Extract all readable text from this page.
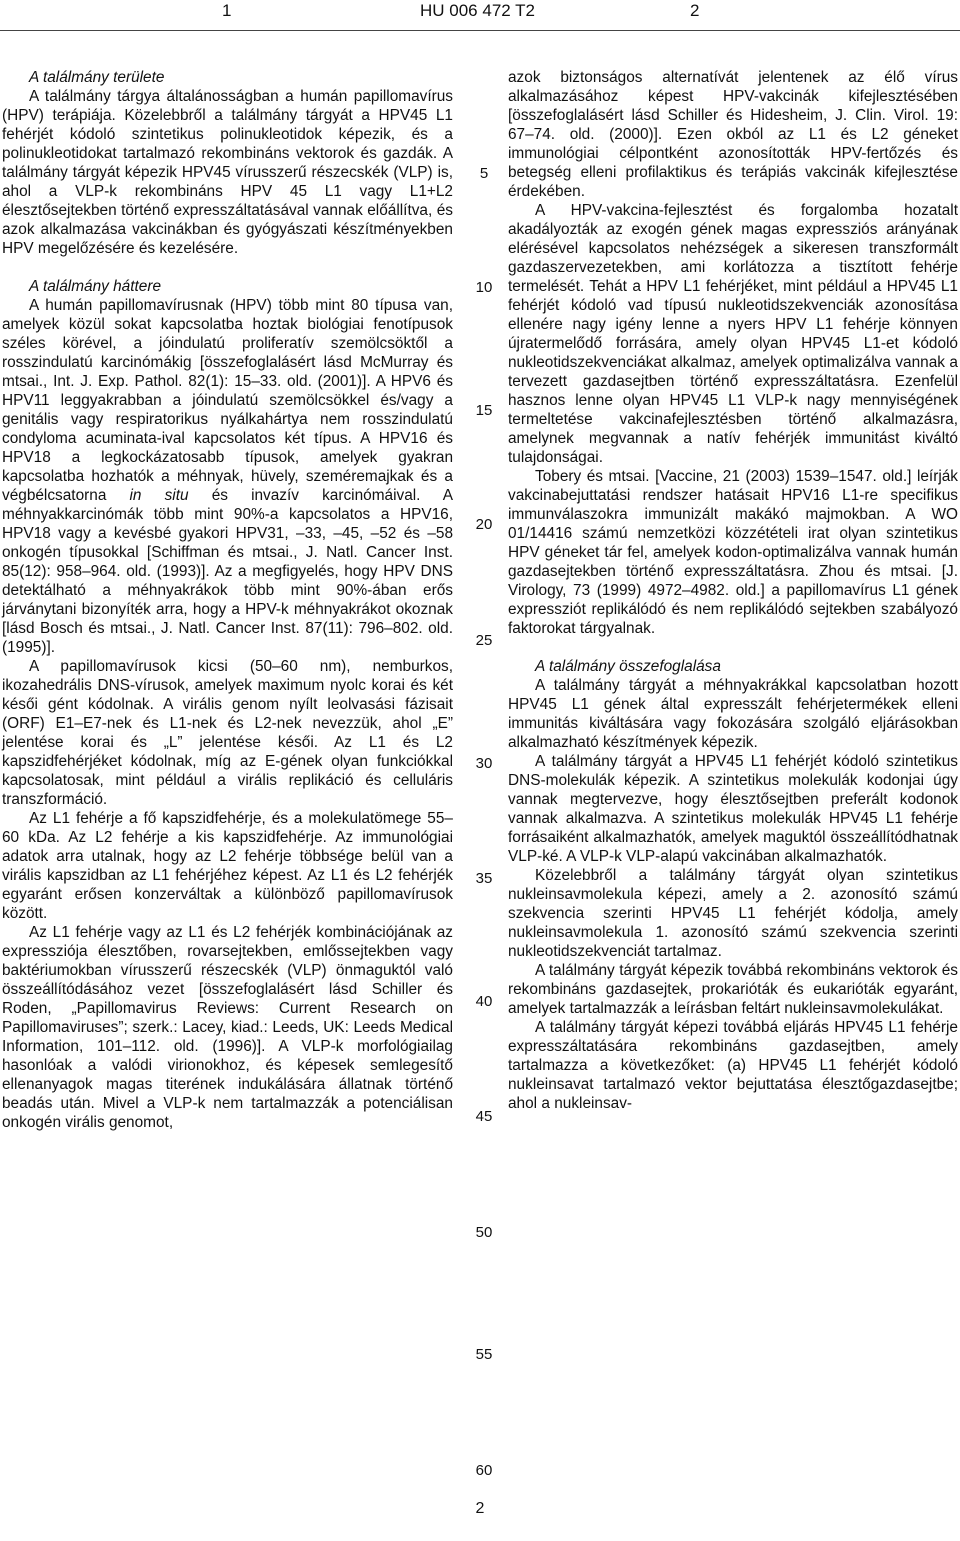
1	HU 006 472 T2	2

A találmány területe

A találmány tárgya általánosságban a humán papillomavírus (HPV) terápiája. Közelebbről a találmány tárgyát a HPV45 L1 fehérjét kódoló szintetikus polinukleotidok képezik, és a polinukleotidokat tartalmazó rekombináns vektorok és gazdák. A találmány tárgyát képezik HPV45 vírusszerű részecskék (VLP) is, ahol a VLP-k rekombináns HPV 45 L1 vagy L1+L2 élesztősejtekben történő expresszáltatásával vannak előállítva, és azok alkalmazása vakcinákban és gyógyászati készítményekben HPV megelőzésére és kezelésére.

A találmány háttere

A humán papillomavírusnak (HPV) több mint 80 típusa van, amelyek közül sokat kapcsolatba hoztak biológiai fenotípusok széles körével, a jóindulatú proliferatív szemölcsöktől a rosszindulatú karcinómákig [összefoglalásért lásd McMurray és mtsai., Int. J. Exp. Pathol. 82(1): 15–33. old. (2001)]. A HPV6 és HPV11 leggyakrabban a jóindulatú szemölcsökkel és/vagy a genitális vagy respiratorikus nyálkahártya nem rosszindulatú condyloma acuminata-ival kapcsolatos két típus. A HPV16 és HPV18 a legkockázatosabb típusok, amelyek gyakran kapcsolatba hozhatók a méhnyak, hüvely, szeméremajkak és a végbélcsatorna in situ és invazív karcinómáival. A méhnyakkarcinómák több mint 90%-a kapcsolatos a HPV16, HPV18 vagy a kevésbé gyakori HPV31, –33, –45, –52 és –58 onkogén típusokkal [Schiffman és mtsai., J. Natl. Cancer Inst. 85(12): 958–964. old. (1993)]. Az a megfigyelés, hogy HPV DNS detektálható a méhnyakrákok több mint 90%-ában erős járványtani bizonyíték arra, hogy a HPV-k méhnyakrákot okoznak [lásd Bosch és mtsai., J. Natl. Cancer Inst. 87(11): 796–802. old. (1995)].

A papillomavírusok kicsi (50–60 nm), nemburkos, ikozahedrális DNS-vírusok, amelyek maximum nyolc korai és két késői gént kódolnak. A virális genom nyílt leolvasási fázisait (ORF) E1–E7-nek és L1-nek és L2-nek nevezzük, ahol „E” jelentése korai és „L” jelentése késői. Az L1 és L2 kapszidfehérjéket kódolnak, míg az E-gének olyan funkciókkal kapcsolatosak, mint például a virális replikáció és celluláris transzformáció.

Az L1 fehérje a fő kapszidfehérje, és a molekulatömege 55–60 kDa. Az L2 fehérje a kis kapszidfehérje. Az immunológiai adatok arra utalnak, hogy az L2 fehérje többsége belül van a virális kapszidban az L1 fehérjéhez képest. Az L1 és L2 fehérjék egyaránt erősen konzerváltak a különböző papillomavírusok között.

Az L1 fehérje vagy az L1 és L2 fehérjék kombinációjának az expressziója élesztőben, rovarsejtekben, emlőssejtekben vagy baktériumokban vírusszerű részecskék (VLP) önmaguktól való összeállítódásához vezet [összefoglalásért lásd Schiller és Roden, „Papillomavirus Reviews: Current Research on Papillomaviruses”; szerk.: Lacey, kiad.: Leeds, UK: Leeds Medical Information, 101–112. old. (1996)]. A VLP-k morfológiailag hasonlóak a valódi virionokhoz, és képesek semlegesítő ellenanyagok magas titerének indukálására állatnak történő beadás után. Mivel a VLP-k nem tartalmazzák a potenciálisan onkogén virális genomot,

azok biztonságos alternatívát jelentenek az élő vírus alkalmazásához képest HPV-vakcinák kifejlesztésében [összefoglalásért lásd Schiller és Hidesheim, J. Clin. Virol. 19: 67–74. old. (2000)]. Ezen okból az L1 és L2 géneket immunológiai célpontként azonosították HPV-fertőzés és betegség elleni profilaktikus és terápiás vakcinák kifejlesztése érdekében.

A HPV-vakcina-fejlesztést és forgalomba hozatalt akadályozták az exogén gének magas expressziós arányának elérésével kapcsolatos nehézségek a sikeresen transzformált gazdaszervezetekben, ami korlátozza a tisztított fehérje termelését. Tehát a HPV L1 fehérjéket, mint például a HPV45 L1 fehérjét kódoló vad típusú nukleotidszekvenciák azonosítása ellenére nagy igény lenne a nyers HPV L1 fehérje könnyen újratermelődő forrására, amely olyan HPV45 L1-et kódoló nukleotidszekvenciákat alkalmaz, amelyek optimalizálva vannak a tervezett gazdasejtben történő expresszáltatásra. Ezenfelül hasznos lenne olyan HPV45 L1 VLP-k nagy mennyiségének termeltetése vakcinafejlesztésben történő alkalmazásra, amelynek megvannak a natív fehérjék immunitást kiváltó tulajdonságai.

Tobery és mtsai. [Vaccine, 21 (2003) 1539–1547. old.] leírják vakcinabejuttatási rendszer hatásait HPV16 L1-re specifikus immunválaszokra immunizált makákó majmokban. A WO 01/14416 számú nemzetközi közzétételi irat olyan szintetikus HPV géneket tár fel, amelyek kodon-optimalizálva vannak humán gazdasejtekben történő expresszáltatásra. Zhou és mtsai. [J. Virology, 73 (1999) 4972–4982. old.] a papillomavírus L1 gének expressziót replikálódó és nem replikálódó sejtekben szabályozó faktorokat tárgyalnak.

A találmány összefoglalása

A találmány tárgyát a méhnyakrákkal kapcsolatban hozott HPV45 L1 gének által expresszált fehérjetermékek elleni immunitás kiváltására vagy fokozására szolgáló eljárásokban alkalmazható készítmények képezik.

A találmány tárgyát a HPV45 L1 fehérjét kódoló szintetikus DNS-molekulák képezik. A szintetikus molekulák kodonjai úgy vannak megtervezve, hogy élesztősejtben preferált kodonok vannak alkalmazva. A szintetikus molekulák HPV45 L1 fehérje forrásaiként alkalmazhatók, amelyek maguktól összeállítódhatnak VLP-ké. A VLP-k VLP-alapú vakcinában alkalmazhatók.

Közelebbről a találmány tárgyát olyan szintetikus nukleinsavmolekula képezi, amely a 2. azonosító számú szekvencia szerinti HPV45 L1 fehérjét kódolja, amely nukleinsavmolekula 1. azonosító számú szekvencia szerinti nukleotidszekvenciát tartalmaz.

A találmány tárgyát képezik továbbá rekombináns vektorok és rekombináns gazdasejtek, prokarióták és eukarióták egyaránt, amelyek tartalmazzák a leírásban feltárt nukleinsavmolekulákat.

A találmány tárgyát képezi továbbá eljárás HPV45 L1 fehérje expresszáltatására rekombináns gazdasejtben, amely tartalmazza a következőket: (a) HPV45 L1 fehérjét kódoló nukleinsavat tartalmazó vektor bejuttatása élesztőgazdasejtbe; ahol a nukleinsav-

5
10
15
20
25
30
35
40
45
50
55
60
2
